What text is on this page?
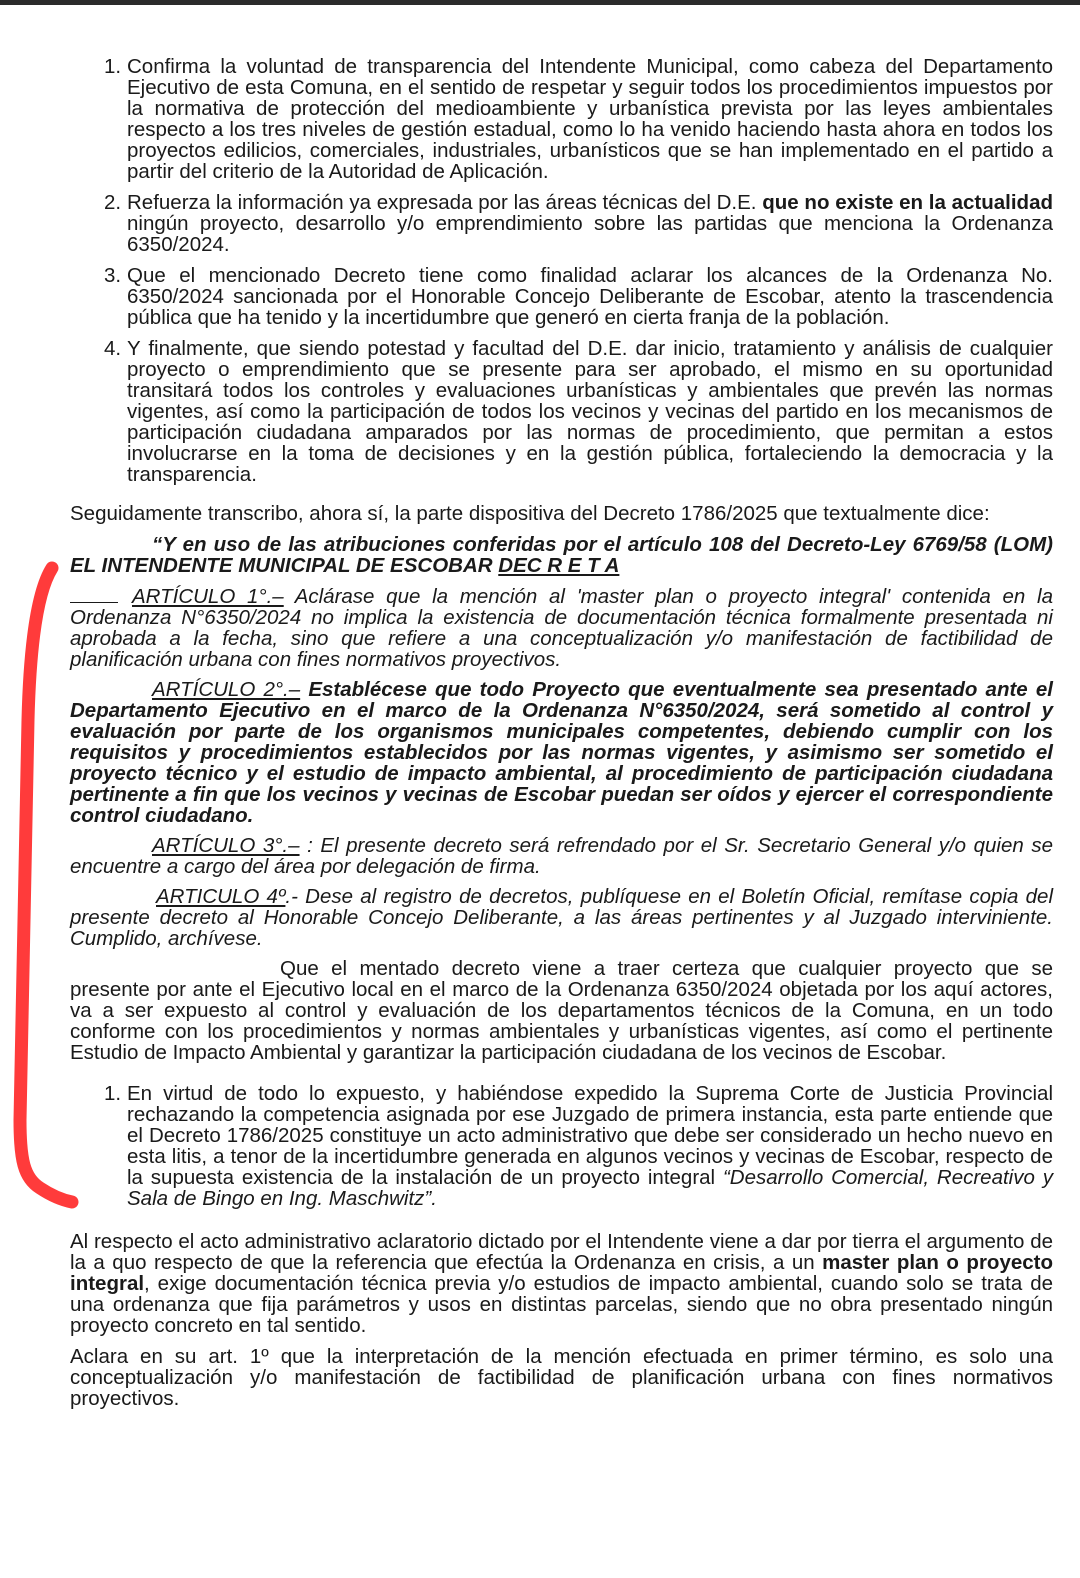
1. Confirma la voluntad de transparencia del Intendente Municipal, como cabeza del Departamento Ejecutivo de esta Comuna, en el sentido de respetar y seguir todos los procedimientos impuestos por la normativa de protección del medioambiente y urbanística prevista por las leyes ambientales respecto a los tres niveles de gestión estadual, como lo ha venido haciendo hasta ahora en todos los proyectos edilicios, comerciales, industriales, urbanísticos que se han implementado en el partido a partir del criterio de la Autoridad de Aplicación.
2. Refuerza la información ya expresada por las áreas técnicas del D.E. que no existe en la actualidad ningún proyecto, desarrollo y/o emprendimiento sobre las partidas que menciona la Ordenanza 6350/2024.
3. Que el mencionado Decreto tiene como finalidad aclarar los alcances de la Ordenanza No. 6350/2024 sancionada por el Honorable Concejo Deliberante de Escobar, atento la trascendencia pública que ha tenido y la incertidumbre que generó en cierta franja de la población.
4. Y finalmente, que siendo potestad y facultad del D.E. dar inicio, tratamiento y análisis de cualquier proyecto o emprendimiento que se presente para ser aprobado, el mismo en su oportunidad transitará todos los controles y evaluaciones urbanísticas y ambientales que prevén las normas vigentes, así como la participación de todos los vecinos y vecinas del partido en los mecanismos de participación ciudadana amparados por las normas de procedimiento, que permitan a estos involucrarse en la toma de decisiones y en la gestión pública, fortaleciendo la democracia y la transparencia.

Seguidamente transcribo, ahora sí, la parte dispositiva del Decreto 1786/2025 que textualmente dice:

“Y en uso de las atribuciones conferidas por el artículo 108 del Decreto-Ley 6769/58 (LOM) EL INTENDENTE MUNICIPAL DE ESCOBAR DEC R E T A

ARTÍCULO 1°.– Aclárase que la mención al 'master plan o proyecto integral' contenida en la Ordenanza N°6350/2024 no implica la existencia de documentación técnica formalmente presentada ni aprobada a la fecha, sino que refiere a una conceptualización y/o manifestación de factibilidad de planificación urbana con fines normativos proyectivos.

ARTÍCULO 2°.– Establécese que todo Proyecto que eventualmente sea presentado ante el Departamento Ejecutivo en el marco de la Ordenanza N°6350/2024, será sometido al control y evaluación por parte de los organismos municipales competentes, debiendo cumplir con los requisitos y procedimientos establecidos por las normas vigentes, y asimismo ser sometido el proyecto técnico y el estudio de impacto ambiental, al procedimiento de participación ciudadana pertinente a fin que los vecinos y vecinas de Escobar puedan ser oídos y ejercer el correspondiente control ciudadano.

ARTÍCULO 3°.– : El presente decreto será refrendado por el Sr. Secretario General y/o quien se encuentre a cargo del área por delegación de firma.

ARTICULO 4º.- Dese al registro de decretos, publíquese en el Boletín Oficial, remítase copia del presente decreto al Honorable Concejo Deliberante, a las áreas pertinentes y al Juzgado interviniente. Cumplido, archívese.

Que el mentado decreto viene a traer certeza que cualquier proyecto que se presente por ante el Ejecutivo local en el marco de la Ordenanza 6350/2024 objetada por los aquí actores, va a ser expuesto al control y evaluación de los departamentos técnicos de la Comuna, en un todo conforme con los procedimientos y normas ambientales y urbanísticas vigentes, así como el pertinente Estudio de Impacto Ambiental y garantizar la participación ciudadana de los vecinos de Escobar.

1. En virtud de todo lo expuesto, y habiéndose expedido la Suprema Corte de Justicia Provincial rechazando la competencia asignada por ese Juzgado de primera instancia, esta parte entiende que el Decreto 1786/2025 constituye un acto administrativo que debe ser considerado un hecho nuevo en esta litis, a tenor de la incertidumbre generada en algunos vecinos y vecinas de Escobar, respecto de la supuesta existencia de la instalación de un proyecto integral “Desarrollo Comercial, Recreativo y Sala de Bingo en Ing. Maschwitz”.

Al respecto el acto administrativo aclaratorio dictado por el Intendente viene a dar por tierra el argumento de la a quo respecto de que la referencia que efectúa la Ordenanza en crisis, a un master plan o proyecto integral, exige documentación técnica previa y/o estudios de impacto ambiental, cuando solo se trata de una ordenanza que fija parámetros y usos en distintas parcelas, siendo que no obra presentado ningún proyecto concreto en tal sentido.

Aclara en su art. 1º que la interpretación de la mención efectuada en primer término, es solo una conceptualización y/o manifestación de factibilidad de planificación urbana con fines normativos proyectivos.
